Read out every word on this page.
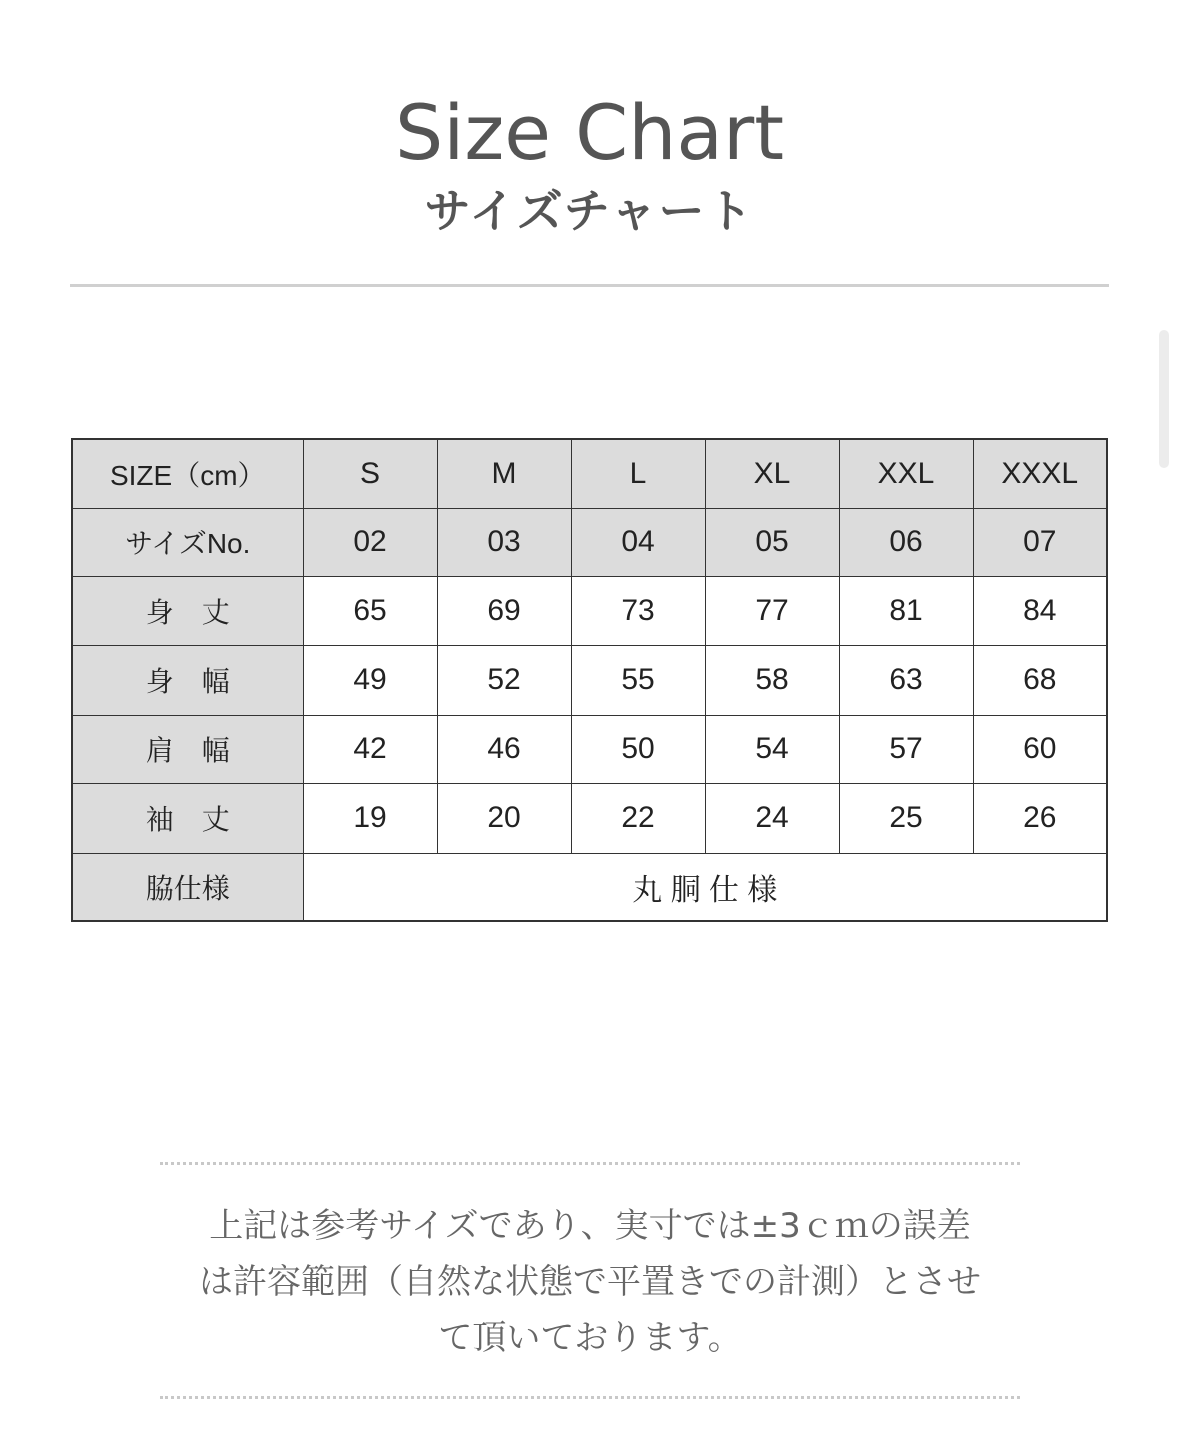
Size Chart
サイズチャート
SIZE（cm）	S	M	L	XL	XXL	XXXL
サイズNo.	02	03	04	05	06	07
身　丈	65	69	73	77	81	84
身　幅	49	52	55	58	63	68
肩　幅	42	46	50	54	57	60
袖　丈	19	20	22	24	25	26
脇仕様	丸 胴 仕 様					
上記は参考サイズであり、実寸では±3ｃｍの誤差
は許容範囲（自然な状態で平置きでの計測）とさせ
て頂いております。
